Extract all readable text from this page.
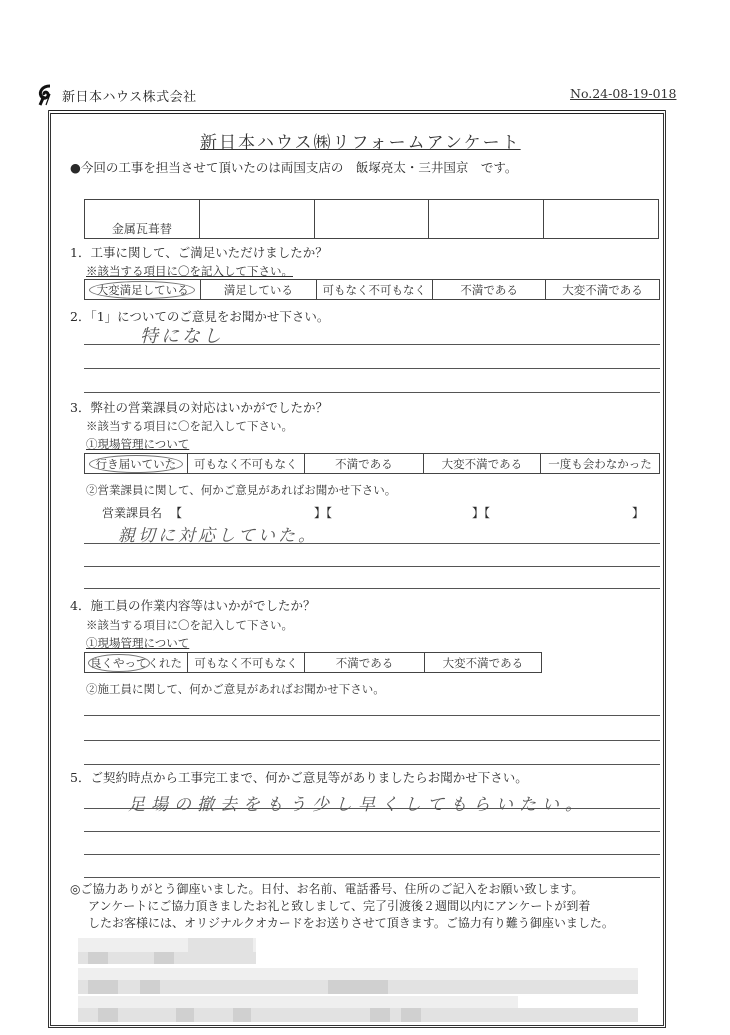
新日本ハウス株式会社	No.24-08-19-018
新日本ハウス㈱リフォームアンケート
●今回の工事を担当させて頂いたのは両国支店の　飯塚亮太・三井国京　です。
金属瓦葺替				
1．工事に関して、ご満足いただけましたか？
※該当する項目に〇を記入して下さい。
大変満足している	満足している	可もなく不可もなく	不満である	大変不満である
2．「1」についてのご意見をお聞かせ下さい。
特になし
3．弊社の営業課員の対応はいかがでしたか？
※該当する項目に〇を記入して下さい。
①現場管理について
行き届いていた	可もなく不可もなく	不満である	大変不満である	一度も会わなかった
②営業課員に関して、何かご意見があればお聞かせ下さい。
営業課員名 【	】【	】【	】
親切に対応していた。
4．施工員の作業内容等はいかがでしたか？
※該当する項目に〇を記入して下さい。
①現場管理について
良くやってくれた	可もなく不可もなく	不満である	大変不満である
②施工員に関して、何かご意見があればお聞かせ下さい。
5．ご契約時点から工事完工まで、何かご意見等がありましたらお聞かせ下さい。
足場の撤去をもう少し早くしてもらいたい。
◎ご協力ありがとう御座いました。日付、お名前、電話番号、住所のご記入をお願い致します。
アンケートにご協力頂きましたお礼と致しまして、完了引渡後２週間以内にアンケートが到着
したお客様には、オリジナルクオカードをお送りさせて頂きます。ご協力有り難う御座いました。
